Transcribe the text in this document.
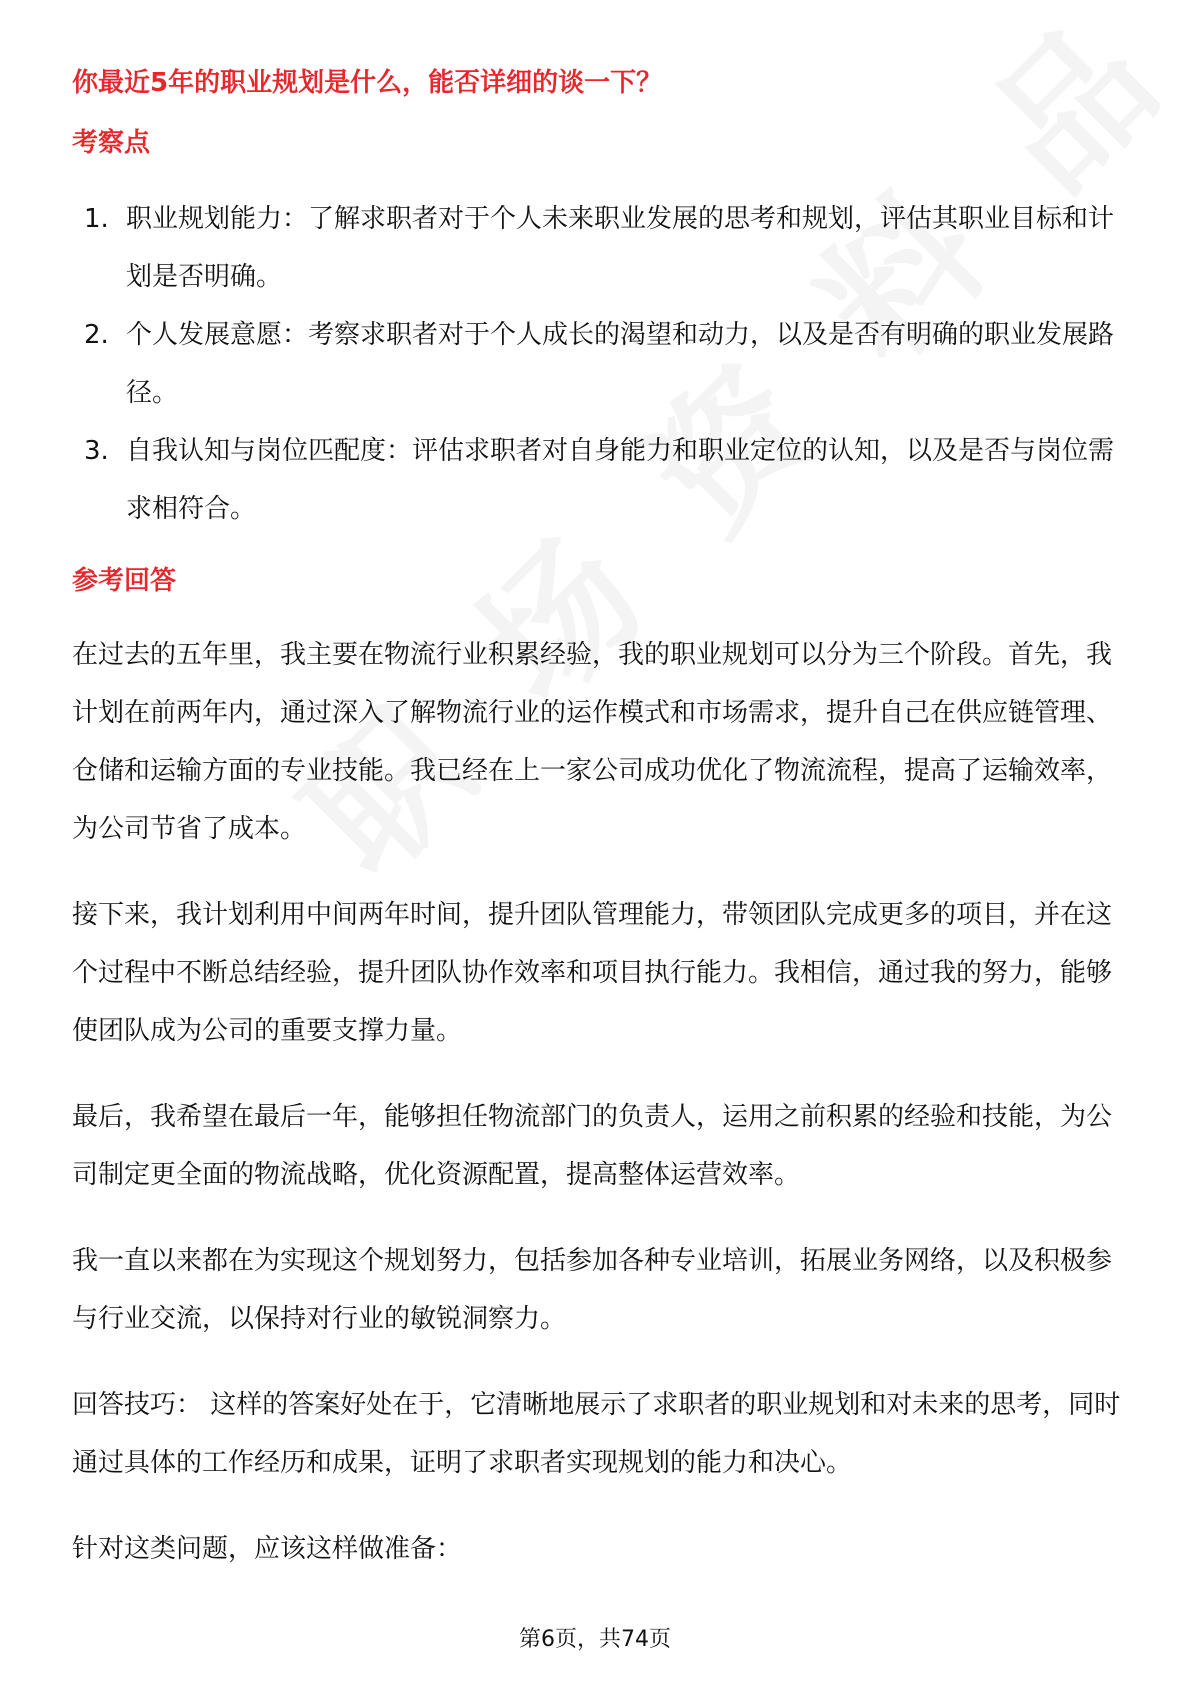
你最近5年的职业规划是什么，能否详细的谈一下？
考察点
1. 职业规划能力：了解求职者对于个人未来职业发展的思考和规划，评估其职业目标和计划是否明确。
2. 个人发展意愿：考察求职者对于个人成长的渴望和动力，以及是否有明确的职业发展路径。
3. 自我认知与岗位匹配度：评估求职者对自身能力和职业定位的认知，以及是否与岗位需求相符合。
参考回答

在过去的五年里，我主要在物流行业积累经验，我的职业规划可以分为三个阶段。首先，我计划在前两年内，通过深入了解物流行业的运作模式和市场需求，提升自己在供应链管理、仓储和运输方面的专业技能。我已经在上一家公司成功优化了物流流程，提高了运输效率，为公司节省了成本。

接下来，我计划利用中间两年时间，提升团队管理能力，带领团队完成更多的项目，并在这个过程中不断总结经验，提升团队协作效率和项目执行能力。我相信，通过我的努力，能够使团队成为公司的重要支撑力量。

最后，我希望在最后一年，能够担任物流部门的负责人，运用之前积累的经验和技能，为公司制定更全面的物流战略，优化资源配置，提高整体运营效率。

我一直以来都在为实现这个规划努力，包括参加各种专业培训，拓展业务网络，以及积极参与行业交流，以保持对行业的敏锐洞察力。

回答技巧： 这样的答案好处在于，它清晰地展示了求职者的职业规划和对未来的思考，同时通过具体的工作经历和成果，证明了求职者实现规划的能力和决心。

针对这类问题，应该这样做准备：

第6页，共74页
